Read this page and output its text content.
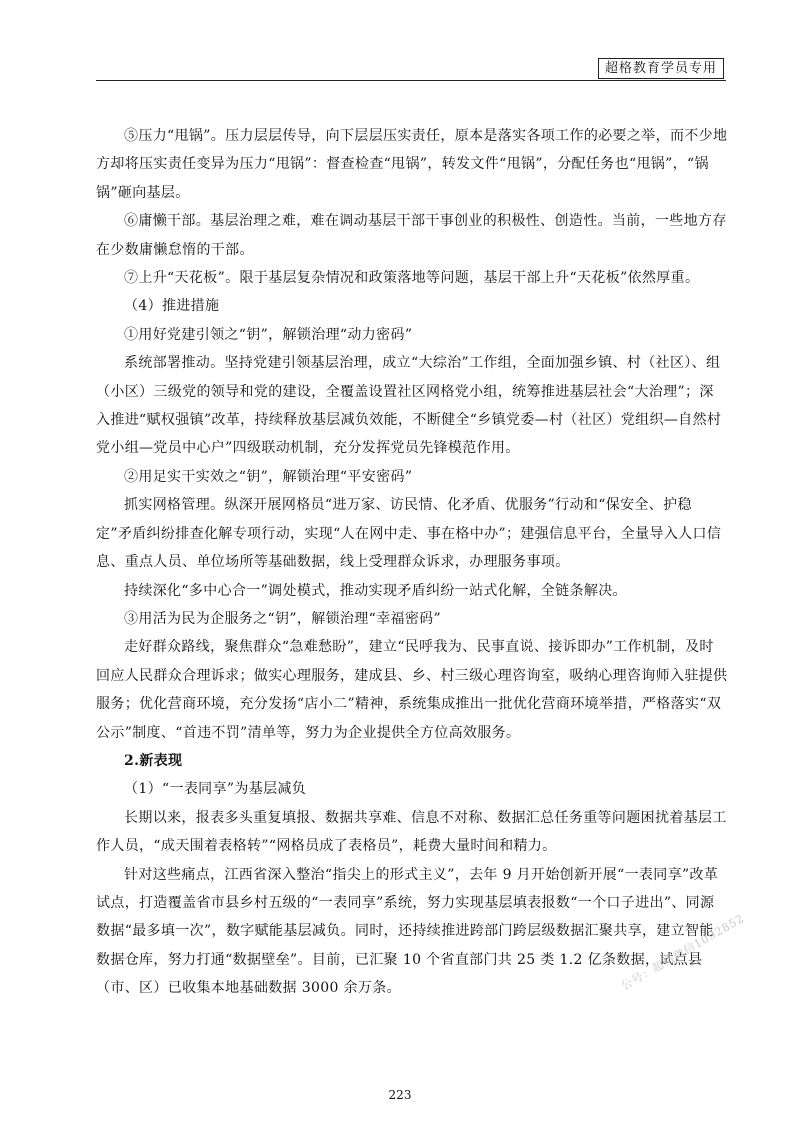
超格教育学员专用

⑤压力“甩锅”。压力层层传导，向下层层压实责任，原本是落实各项工作的必要之举，而不少地方却将压实责任变异为压力“甩锅”：督查检查“甩锅”，转发文件“甩锅”，分配任务也“甩锅”，“锅锅”砸向基层。

⑥庸懒干部。基层治理之难，难在调动基层干部干事创业的积极性、创造性。当前，一些地方存在少数庸懒怠惰的干部。

⑦上升“天花板”。限于基层复杂情况和政策落地等问题，基层干部上升“天花板”依然厚重。

（4）推进措施

①用好党建引领之“钥”，解锁治理“动力密码”

系统部署推动。坚持党建引领基层治理，成立“大综治”工作组，全面加强乡镇、村（社区）、组（小区）三级党的领导和党的建设，全覆盖设置社区网格党小组，统筹推进基层社会“大治理”；深入推进“赋权强镇”改革，持续释放基层减负效能，不断健全“乡镇党委—村（社区）党组织—自然村党小组—党员中心户”四级联动机制，充分发挥党员先锋模范作用。

②用足实干实效之“钥”，解锁治理“平安密码”

抓实网格管理。纵深开展网格员“进万家、访民情、化矛盾、优服务”行动和“保安全、护稳定”矛盾纠纷排查化解专项行动，实现“人在网中走、事在格中办”；建强信息平台，全量导入人口信息、重点人员、单位场所等基础数据，线上受理群众诉求，办理服务事项。

持续深化“多中心合一”调处模式，推动实现矛盾纠纷一站式化解，全链条解决。

③用活为民为企服务之“钥”，解锁治理“幸福密码”

走好群众路线，聚焦群众“急难愁盼”，建立“民呼我为、民事直说、接诉即办”工作机制，及时回应人民群众合理诉求；做实心理服务，建成县、乡、村三级心理咨询室，吸纳心理咨询师入驻提供服务；优化营商环境，充分发扬“店小二”精神，系统集成推出一批优化营商环境举措，严格落实“双公示”制度、“首违不罚”清单等，努力为企业提供全方位高效服务。

2.新表现

（1）“一表同享”为基层减负

长期以来，报表多头重复填报、数据共享难、信息不对称、数据汇总任务重等问题困扰着基层工作人员，“成天围着表格转”“网格员成了表格员”，耗费大量时间和精力。

针对这些痛点，江西省深入整治“指尖上的形式主义”，去年 9 月开始创新开展“一表同享”改革试点，打造覆盖省市县乡村五级的“一表同享”系统，努力实现基层填表报数“一个口子进出”、同源数据“最多填一次”，数字赋能基层减负。同时，还持续推进跨部门跨层级数据汇聚共享，建立智能数据仓库，努力打通“数据壁垒”。目前，已汇聚 10 个省直部门共 25 类 1.2 亿条数据，试点县（市、区）已收集本地基础数据 3000 余万条。	公号：超格微信1092852
223
